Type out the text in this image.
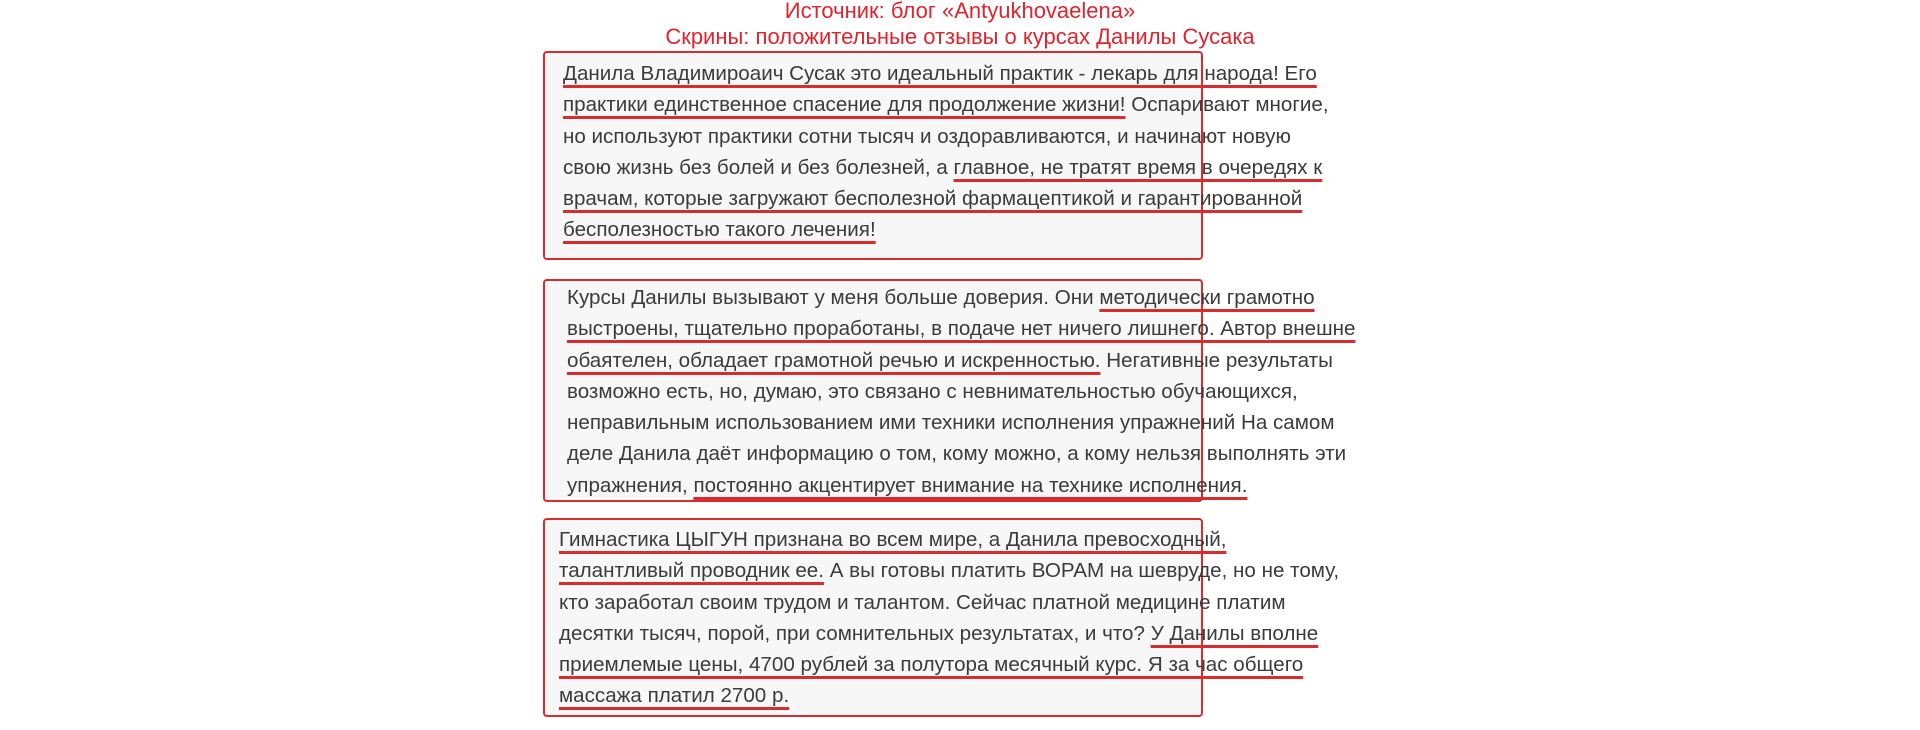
Источник: блог «Antyukhovaelena»
Скрины: положительные отзывы о курсах Данилы Сусака
Данила Владимироаич Сусак это идеальный практик - лекарь для народа! Его
практики единственное спасение для продолжение жизни! Оспаривают многие,
но используют практики сотни тысяч и оздоравливаются, и начинают новую
свою жизнь без болей и без болезней, а главное, не тратят время в очередях к
врачам, которые загружают бесполезной фармацептикой и гарантированной
бесполезностью такого лечения!
Курсы Данилы вызывают у меня больше доверия. Они методически грамотно
выстроены, тщательно проработаны, в подаче нет ничего лишнего. Автор внешне
обаятелен, обладает грамотной речью и искренностью. Негативные результаты
возможно есть, но, думаю, это связано с невнимательностью обучающихся,
неправильным использованием ими техники исполнения упражнений На самом
деле Данила даёт информацию о том, кому можно, а кому нельзя выполнять эти
упражнения, постоянно акцентирует внимание на технике исполнения.
Гимнастика ЦЫГУН признана во всем мире, а Данила превосходный,
талантливый проводник ее. А вы готовы платить ВОРАМ на шевруде, но не тому,
кто заработал своим трудом и талантом. Сейчас платной медицине платим
десятки тысяч, порой, при сомнительных результатах, и что? У Данилы вполне
приемлемые цены, 4700 рублей за полутора месячный курс. Я за час общего
массажа платил 2700 р.
